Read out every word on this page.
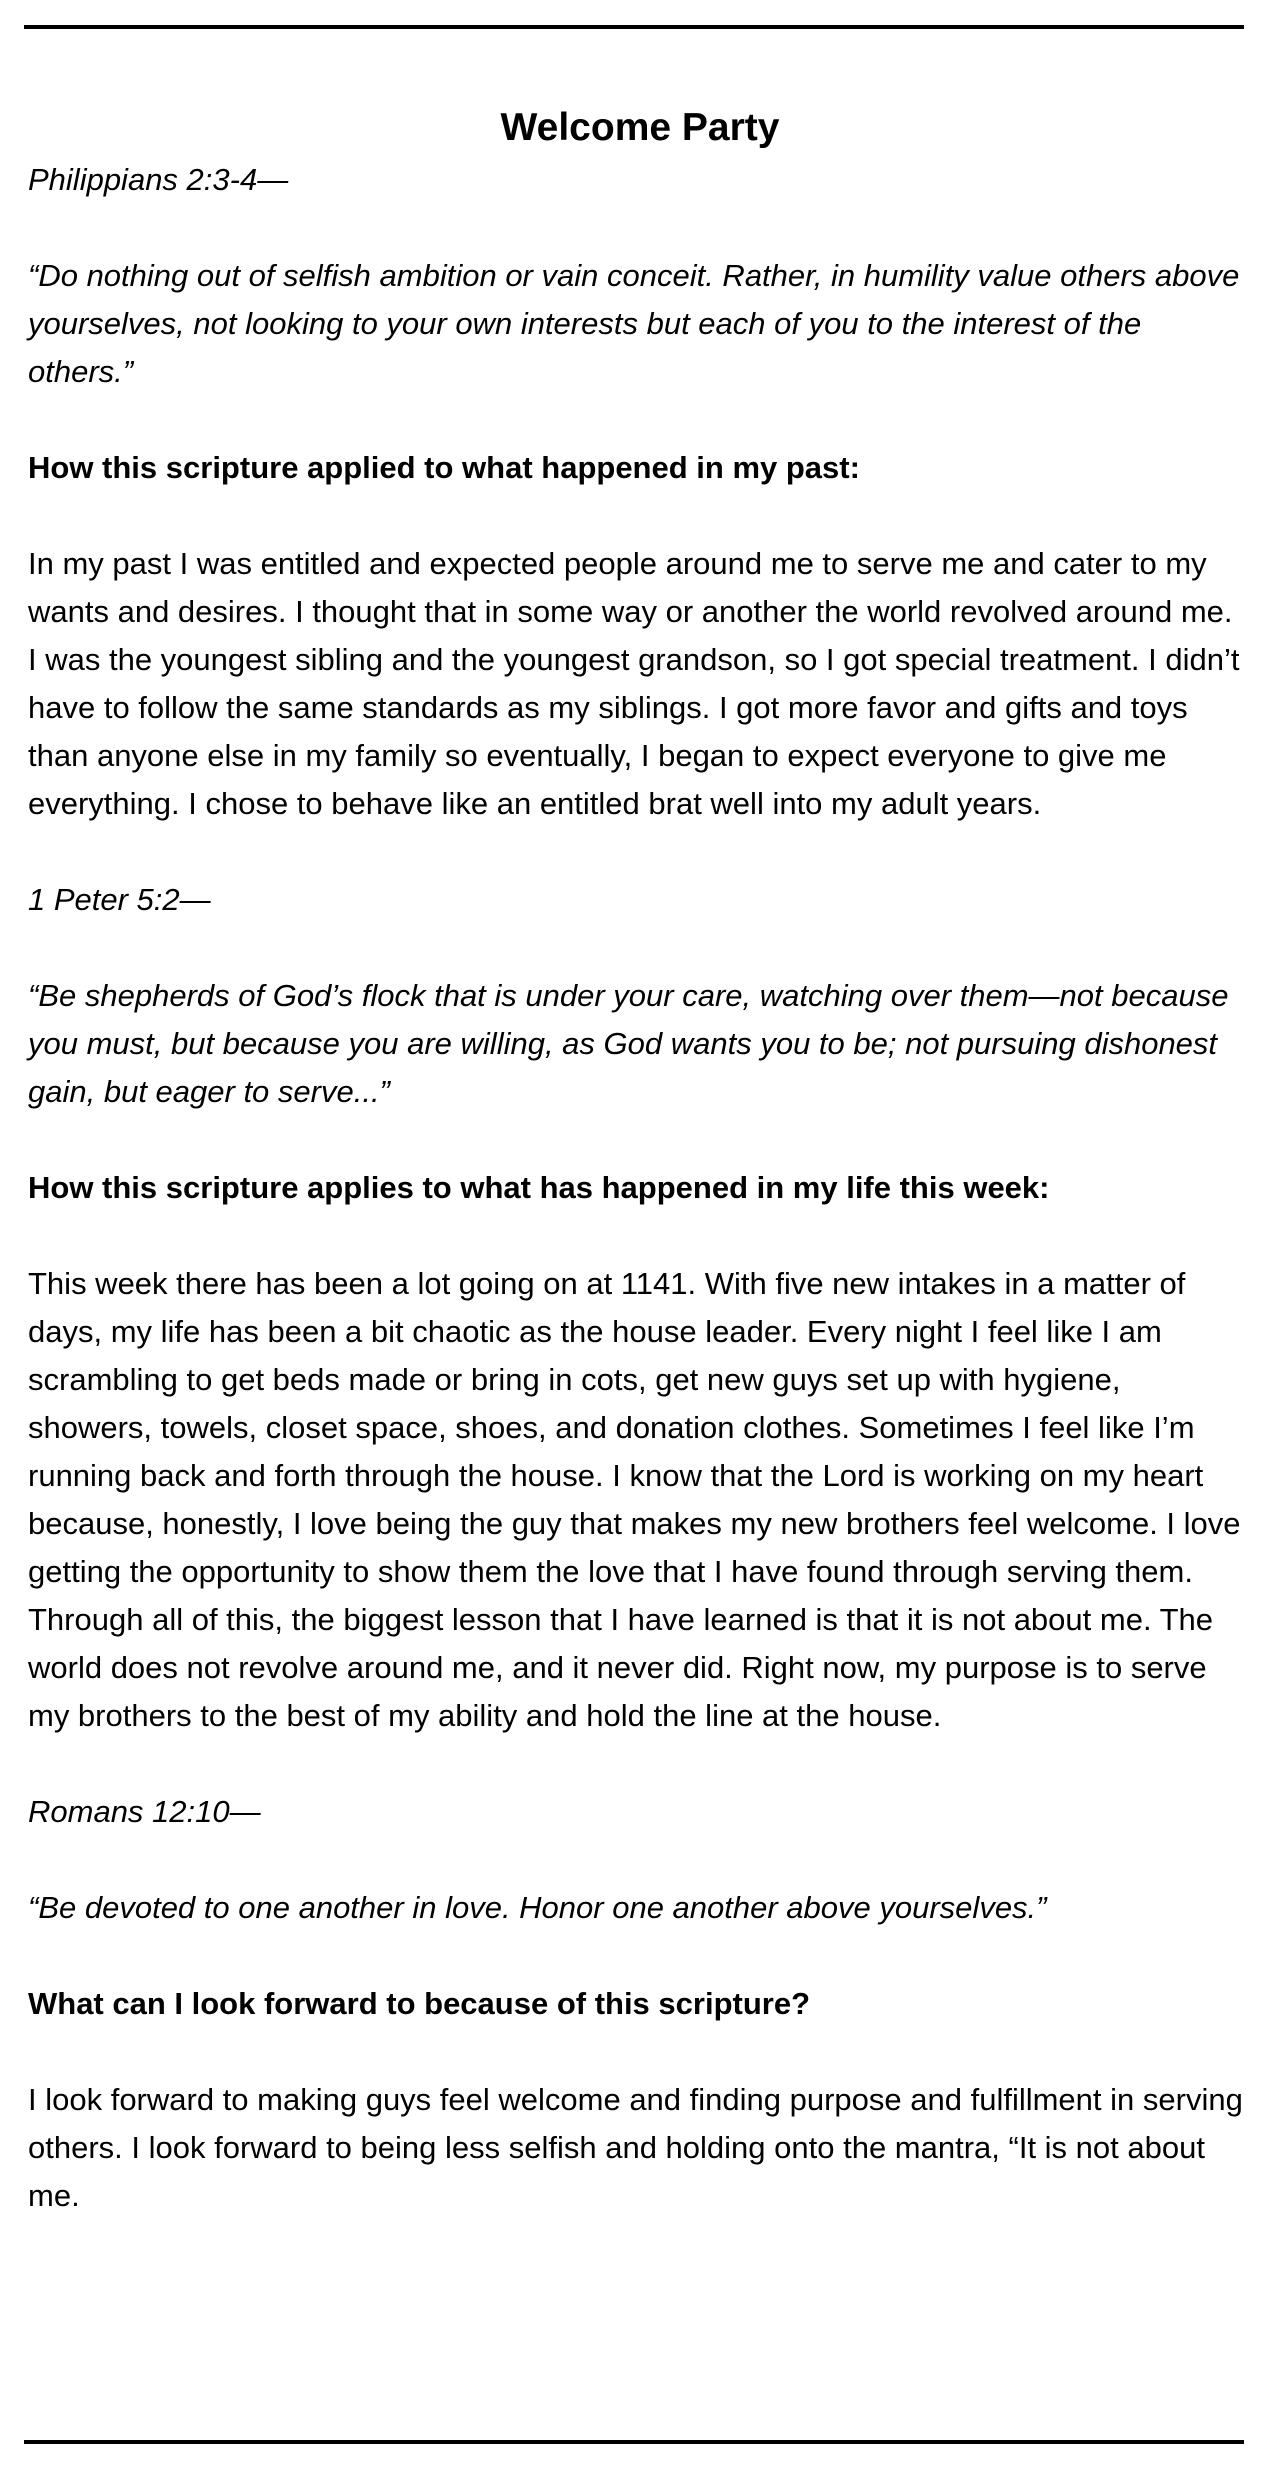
Welcome Party

Philippians 2:3-4—

“Do nothing out of selfish ambition or vain conceit. Rather, in humility value others above yourselves, not looking to your own interests but each of you to the interest of the others.”

How this scripture applied to what happened in my past:

In my past I was entitled and expected people around me to serve me and cater to my wants and desires. I thought that in some way or another the world revolved around me. I was the youngest sibling and the youngest grandson, so I got special treatment. I didn’t have to follow the same standards as my siblings. I got more favor and gifts and toys than anyone else in my family so eventually, I began to expect everyone to give me everything. I chose to behave like an entitled brat well into my adult years.

1 Peter 5:2—

“Be shepherds of God’s flock that is under your care, watching over them—not because you must, but because you are willing, as God wants you to be; not pursuing dishonest gain, but eager to serve...”

How this scripture applies to what has happened in my life this week:

This week there has been a lot going on at 1141. With five new intakes in a matter of days, my life has been a bit chaotic as the house leader. Every night I feel like I am scrambling to get beds made or bring in cots, get new guys set up with hygiene, showers, towels, closet space, shoes, and donation clothes. Sometimes I feel like I’m running back and forth through the house. I know that the Lord is working on my heart because, honestly, I love being the guy that makes my new brothers feel welcome. I love getting the opportunity to show them the love that I have found through serving them. Through all of this, the biggest lesson that I have learned is that it is not about me. The world does not revolve around me, and it never did. Right now, my purpose is to serve my brothers to the best of my ability and hold the line at the house.

Romans 12:10—

“Be devoted to one another in love. Honor one another above yourselves.”

What can I look forward to because of this scripture?

I look forward to making guys feel welcome and finding purpose and fulfillment in serving others. I look forward to being less selfish and holding onto the mantra, “It is not about me.
